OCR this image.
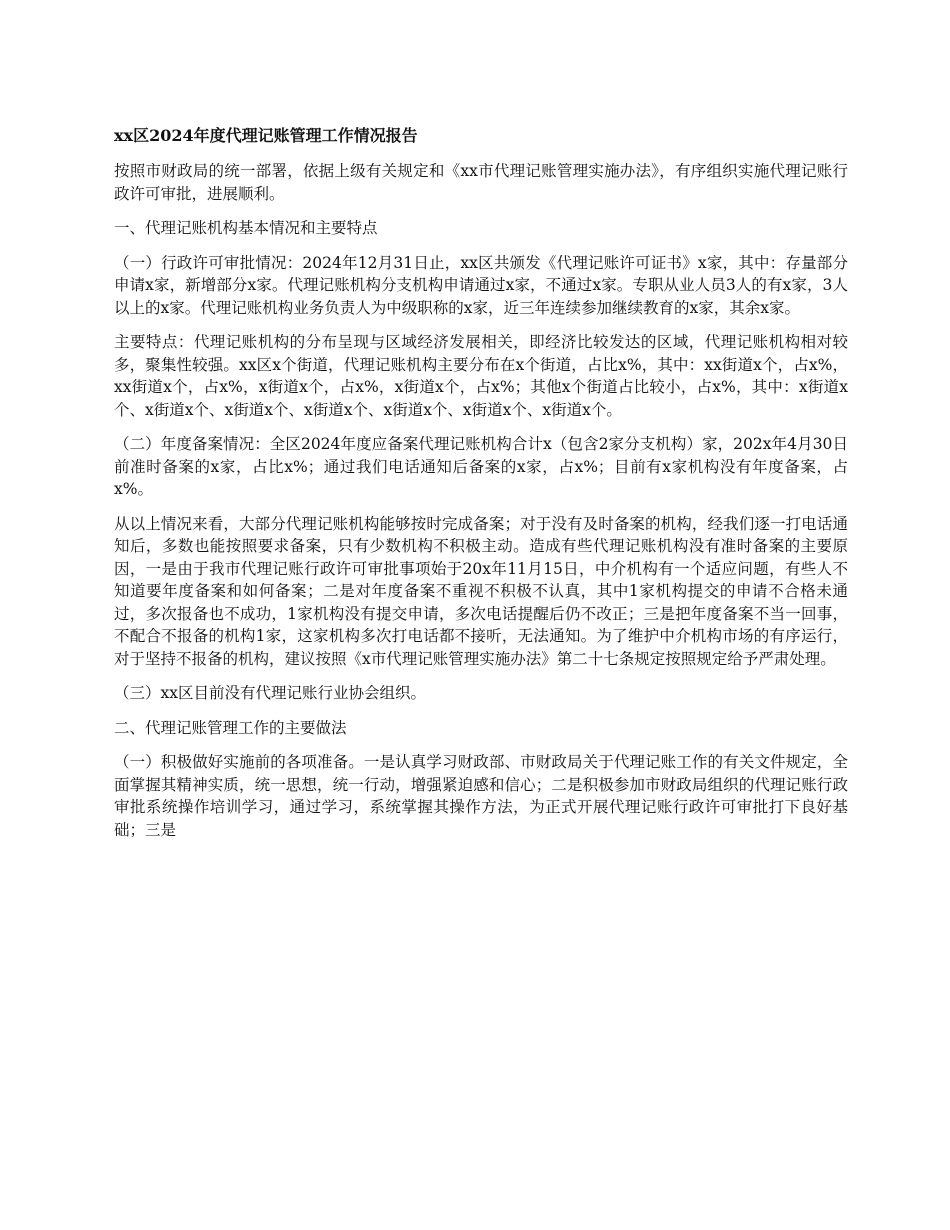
xx区2024年度代理记账管理工作情况报告

按照市财政局的统一部署，依据上级有关规定和《xx市代理记账管理实施办法》，有序组织实施代理记账行政许可审批，进展顺利。

一、代理记账机构基本情况和主要特点

（一）行政许可审批情况：2024年12月31日止，xx区共颁发《代理记账许可证书》x家，其中：存量部分申请x家，新增部分x家。代理记账机构分支机构申请通过x家，不通过x家。专职从业人员3人的有x家，3人以上的x家。代理记账机构业务负责人为中级职称的x家，近三年连续参加继续教育的x家，其余x家。

主要特点：代理记账机构的分布呈现与区域经济发展相关，即经济比较发达的区域，代理记账机构相对较多，聚集性较强。xx区x个街道，代理记账机构主要分布在x个街道，占比x%，其中：xx街道x个，占x%，xx街道x个，占x%，x街道x个，占x%，x街道x个，占x%；其他x个街道占比较小，占x%，其中：x街道x个、x街道x个、x街道x个、x街道x个、x街道x个、x街道x个、x街道x个。

（二）年度备案情况：全区2024年度应备案代理记账机构合计x（包含2家分支机构）家，202x年4月30日前准时备案的x家，占比x%；通过我们电话通知后备案的x家，占x%；目前有x家机构没有年度备案，占x%。

从以上情况来看，大部分代理记账机构能够按时完成备案；对于没有及时备案的机构，经我们逐一打电话通知后，多数也能按照要求备案，只有少数机构不积极主动。造成有些代理记账机构没有准时备案的主要原因，一是由于我市代理记账行政许可审批事项始于20x年11月15日，中介机构有一个适应问题，有些人不知道要年度备案和如何备案；二是对年度备案不重视不积极不认真，其中1家机构提交的申请不合格未通过，多次报备也不成功，1家机构没有提交申请，多次电话提醒后仍不改正；三是把年度备案不当一回事，不配合不报备的机构1家，这家机构多次打电话都不接听，无法通知。为了维护中介机构市场的有序运行，对于坚持不报备的机构，建议按照《x市代理记账管理实施办法》第二十七条规定按照规定给予严肃处理。

（三）xx区目前没有代理记账行业协会组织。

二、代理记账管理工作的主要做法

（一）积极做好实施前的各项准备。一是认真学习财政部、市财政局关于代理记账工作的有关文件规定，全面掌握其精神实质，统一思想，统一行动，增强紧迫感和信心；二是积极参加市财政局组织的代理记账行政审批系统操作培训学习，通过学习，系统掌握其操作方法，为正式开展代理记账行政许可审批打下良好基础；三是
